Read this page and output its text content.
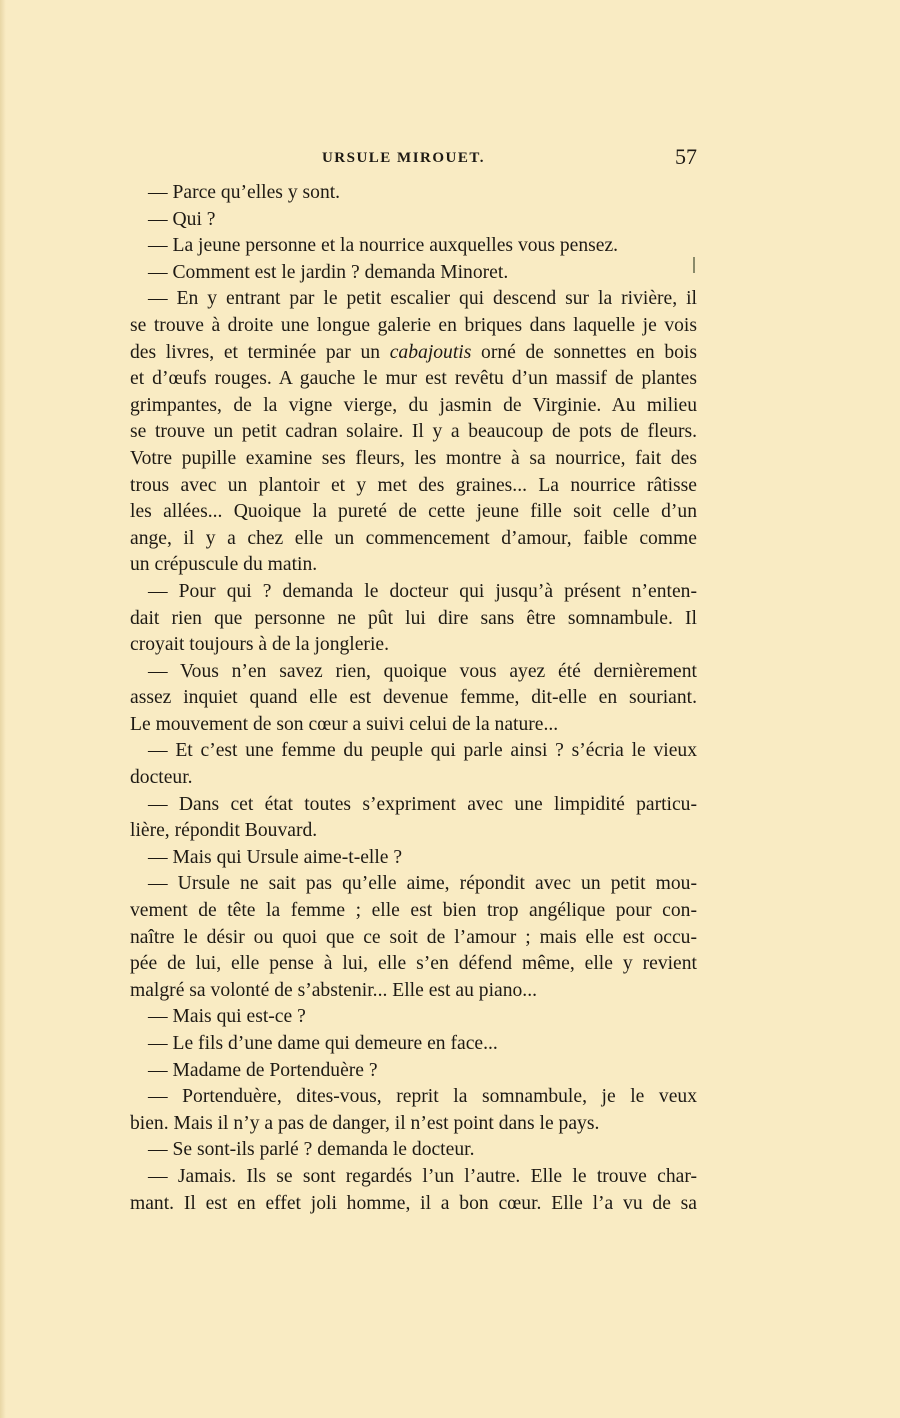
URSULE MIROUET.	57

— Parce qu’elles y sont.

— Qui ?

— La jeune personne et la nourrice auxquelles vous pensez.

— Comment est le jardin ? demanda Minoret.

— En y entrant par le petit escalier qui descend sur la rivière, il
se trouve à droite une longue galerie en briques dans laquelle je vois
des livres, et terminée par un cabajoutis orné de sonnettes en bois
et d’œufs rouges. A gauche le mur est revêtu d’un massif de plantes
grimpantes, de la vigne vierge, du jasmin de Virginie. Au milieu
se trouve un petit cadran solaire. Il y a beaucoup de pots de fleurs.
Votre pupille examine ses fleurs, les montre à sa nourrice, fait des
trous avec un plantoir et y met des graines... La nourrice râtisse
les allées... Quoique la pureté de cette jeune fille soit celle d’un
ange, il y a chez elle un commencement d’amour, faible comme
un crépuscule du matin.

— Pour qui ? demanda le docteur qui jusqu’à présent n’enten-
dait rien que personne ne pût lui dire sans être somnambule. Il
croyait toujours à de la jonglerie.

— Vous n’en savez rien, quoique vous ayez été dernièrement
assez inquiet quand elle est devenue femme, dit-elle en souriant.
Le mouvement de son cœur a suivi celui de la nature...

— Et c’est une femme du peuple qui parle ainsi ? s’écria le vieux
docteur.

— Dans cet état toutes s’expriment avec une limpidité particu-
lière, répondit Bouvard.

— Mais qui Ursule aime-t-elle ?

— Ursule ne sait pas qu’elle aime, répondit avec un petit mou-
vement de tête la femme ; elle est bien trop angélique pour con-
naître le désir ou quoi que ce soit de l’amour ; mais elle est occu-
pée de lui, elle pense à lui, elle s’en défend même, elle y revient
malgré sa volonté de s’abstenir... Elle est au piano...

— Mais qui est-ce ?

— Le fils d’une dame qui demeure en face...

— Madame de Portenduère ?

— Portenduère, dites-vous, reprit la somnambule, je le veux
bien. Mais il n’y a pas de danger, il n’est point dans le pays.

— Se sont-ils parlé ? demanda le docteur.

— Jamais. Ils se sont regardés l’un l’autre. Elle le trouve char-
mant. Il est en effet joli homme, il a bon cœur. Elle l’a vu de sa
